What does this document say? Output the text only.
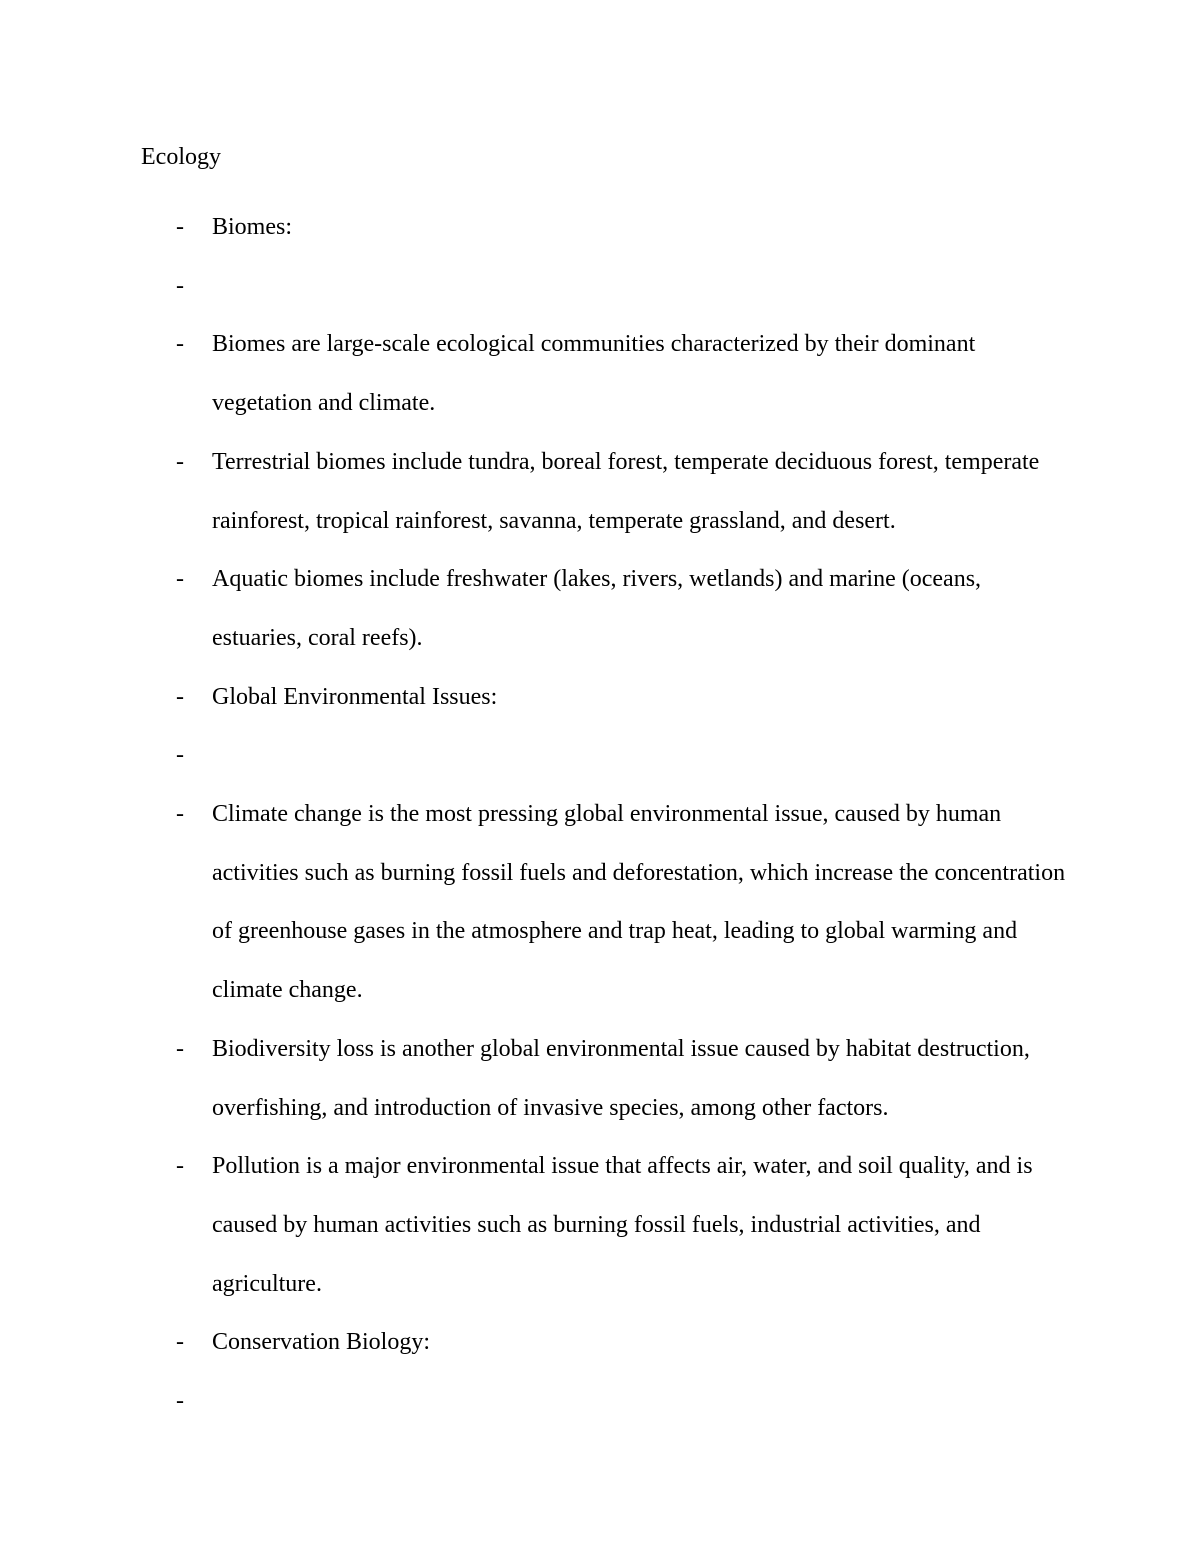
Ecology
- Biomes:
-
- Biomes are large-scale ecological communities characterized by their dominant vegetation and climate.
- Terrestrial biomes include tundra, boreal forest, temperate deciduous forest, temperate rainforest, tropical rainforest, savanna, temperate grassland, and desert.
- Aquatic biomes include freshwater (lakes, rivers, wetlands) and marine (oceans, estuaries, coral reefs).
- Global Environmental Issues:
-
- Climate change is the most pressing global environmental issue, caused by human activities such as burning fossil fuels and deforestation, which increase the concentration of greenhouse gases in the atmosphere and trap heat, leading to global warming and climate change.
- Biodiversity loss is another global environmental issue caused by habitat destruction, overfishing, and introduction of invasive species, among other factors.
- Pollution is a major environmental issue that affects air, water, and soil quality, and is caused by human activities such as burning fossil fuels, industrial activities, and agriculture.
- Conservation Biology:
-
